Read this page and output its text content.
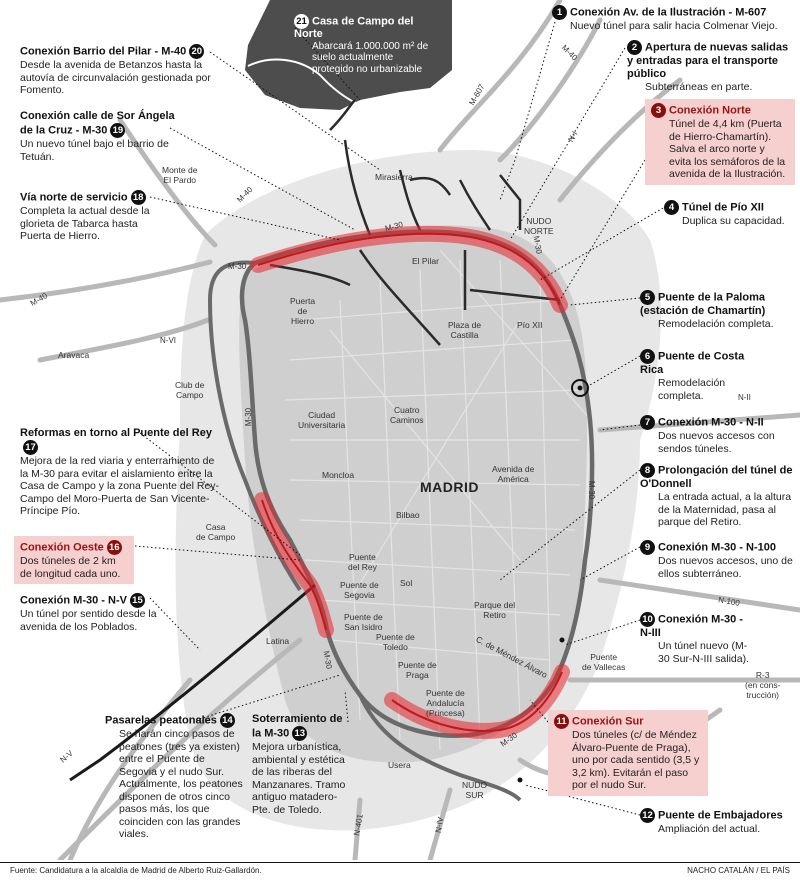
MADRID
Mirasierra
NUDO
NORTE
El Pilar
Monte de
El Pardo
Puerta
de
Hierro	Plaza de
Castilla
Pío XII
Aravaca
Club de
Campo
Ciudad
Universitaria
Cuatro
Caminos
Avenida de
América
Moncloa
Bilbao
Casa
de Campo
Puente
del Rey
Puente de
Segovia
Sol
Parque del
Retiro
Puente de
San Isidro
Puente de
Toledo
Latina	C. de Méndez Álvaro
Puente de
Praga
Puente de
Andalucía
(Princesa)
Puente
de Vallecas
Usera
NUDO
SUR
R-3
(en cons-
trucción)
M-30
M-30
M-30
M-30
M-30
M-30
M-30
M-40
M-40
M-40
M-607
N-I
N-II
N-VI
N-V
N-IV
N-401
N-100
21 Casa de Campo del Norte
Abarcará 1.000.000 m² de suelo actualmente protegido no urbanizable
1 Conexión Av. de la Ilustración - M-607
Nuevo túnel para salir hacia Colmenar Viejo.
2 Apertura de nuevas salidas y entradas para el transporte público
Subterráneas en parte.
3 Conexión Norte
Túnel de 4,4 km (Puerta de Hierro-Chamartín). Salva el arco norte y evita los semáforos de la avenida de la Ilustración.
4 Túnel de Pío XII
Duplica su capacidad.
5 Puente de la Paloma (estación de Chamartín)
Remodelación completa.
6 Puente de Costa Rica
Remodelación completa.
7 Conexión M-30 - N-II
Dos nuevos accesos con sendos túneles.
8 Prolongación del túnel de O'Donnell
La entrada actual, a la altura de la Maternidad, pasa al parque del Retiro.
9 Conexión M-30 - N-100
Dos nuevos accesos, uno de ellos subterráneo.
10 Conexión M-30 - N-III
Un túnel nuevo (M-30 Sur-N-III salida).
11 Conexión Sur
Dos túneles (c/ de Méndez Álvaro-Puente de Praga), uno por cada sentido (3,5 y 3,2 km). Evitarán el paso por el nudo Sur.
12 Puente de Embajadores
Ampliación del actual.
Soterramiento de la M-30 13
Mejora urbanística, ambiental y estética de las riberas del Manzanares. Tramo antiguo matadero-Pte. de Toledo.
Pasarelas peatonales 14
Se harán cinco pasos de peatones (tres ya existen) entre el Puente de Segovia y el nudo Sur. Actualmente, los peatones disponen de otros cinco pasos más, los que coinciden con las grandes viales.
Conexión M-30 - N-V 15
Un túnel por sentido desde la avenida de los Poblados.
Conexión Oeste 16
Dos túneles de 2 km de longitud cada uno.
Reformas en torno al Puente del Rey17
Mejora de la red viaria y enterramiento de la M-30 para evitar el aislamiento entre la Casa de Campo y la zona Puente del Rey-Campo del Moro-Puerta de San Vicente-Príncipe Pío.
Vía norte de servicio 18
Completa la actual desde la glorieta de Tabarca hasta Puerta de Hierro.
Conexión calle de Sor Ángela de la Cruz - M-30 19
Un nuevo túnel bajo el barrio de Tetuán.
Conexión Barrio del Pilar - M-40 20
Desde la avenida de Betanzos hasta la autovía de circunvalación gestionada por Fomento.
Fuente: Candidatura a la alcaldía de Madrid de Alberto Ruiz-Gallardón.	NACHO CATALÁN / EL PAÍS
